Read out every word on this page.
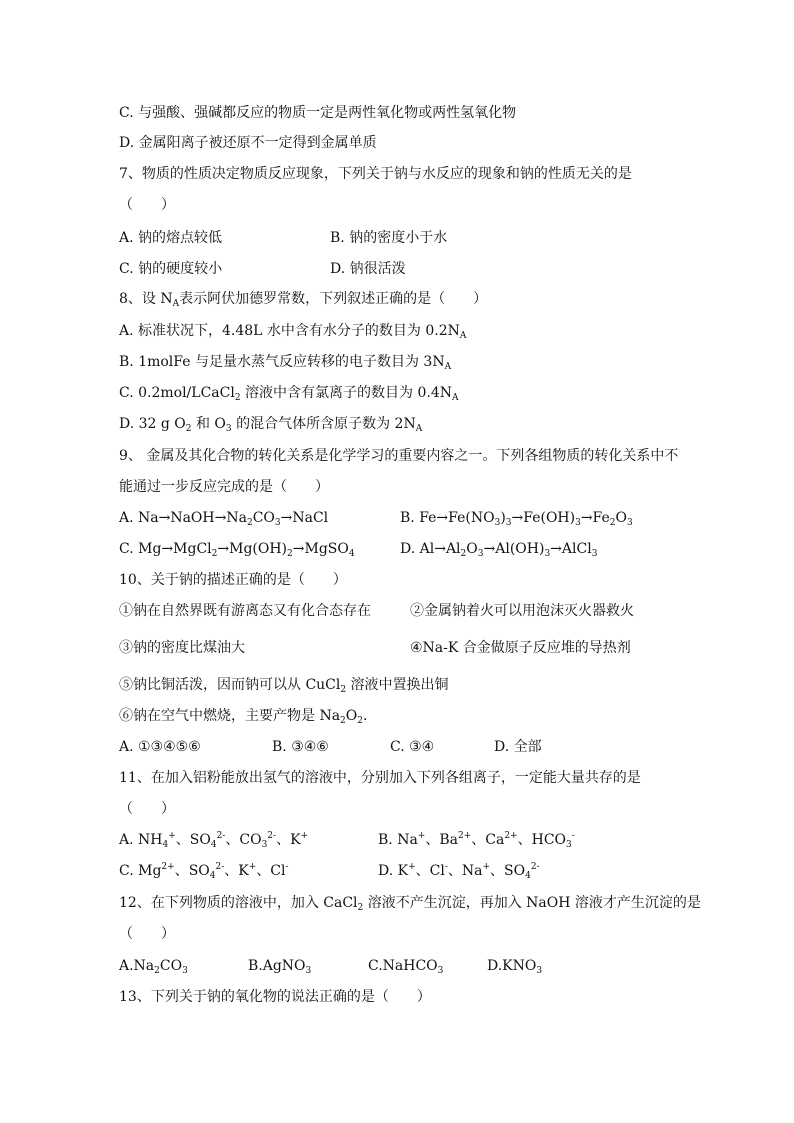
C. 与强酸、强碱都反应的物质一定是两性氧化物或两性氢氧化物
D. 金属阳离子被还原不一定得到金属单质
7、物质的性质决定物质反应现象，下列关于钠与水反应的现象和钠的性质无关的是
（　　）
A. 钠的熔点较低	B. 钠的密度小于水
C. 钠的硬度较小	D. 钠很活泼
8、设 $N_A$表示阿伏加德罗常数，下列叙述正确的是（　　）
A. 标准状况下，4.48L 水中含有水分子的数目为 $0.2N_A$
B. 1molFe 与足量水蒸气反应转移的电子数目为 $3N_A$
C. 0.2mol/LCaCl$_2$ 溶液中含有氯离子的数目为 $0.4N_A$
D. 32 g $O_2$ 和 $O_3$ 的混合气体所含原子数为 $2N_A$
9、 金属及其化合物的转化关系是化学学习的重要内容之一。下列各组物质的转化关系中不
能通过一步反应完成的是（　　）
A. $Na\to NaOH\to Na_2CO_3\to NaCl$	B. $Fe\to Fe(NO_3)_3\to Fe(OH)_3\to Fe_2O_3$
C. $Mg\to MgCl_2\to Mg(OH)_2\to MgSO_4$	D. $Al\to Al_2O_3\to Al(OH)_3\to AlCl_3$
10、关于钠的描述正确的是（　　）
①钠在自然界既有游离态又有化合态存在	②金属钠着火可以用泡沫灭火器救火
③钠的密度比煤油大	④Na-K 合金做原子反应堆的导热剂
⑤钠比铜活泼，因而钠可以从 CuCl$_2$ 溶液中置换出铜
⑥钠在空气中燃烧，主要产物是 $Na_2O_2$.
A. ①③④⑤⑥	B. ③④⑥	C. ③④	D. 全部
11、在加入铝粉能放出氢气的溶液中，分别加入下列各组离子，一定能大量共存的是
（　　）
A. $NH_4^+$、$SO_4^{2-}$、$CO_3^{2-}$、K+	B. Na+、$Ba^{2+}$、$Ca^{2+}$、$HCO_3^-$
C. $Mg^{2+}$、$SO_4^{2-}$、K+、Cl-	D. K+、Cl-、Na+、$SO_4^{2-}$
12、在下列物质的溶液中，加入 CaCl$_2$ 溶液不产生沉淀，再加入 NaOH 溶液才产生沉淀的是
（　　）
$A.Na_2CO_3$	B.AgNO$_3$	C.NaHCO$_3$	$D.KNO_3$
13、下列关于钠的氧化物的说法正确的是（　　）
